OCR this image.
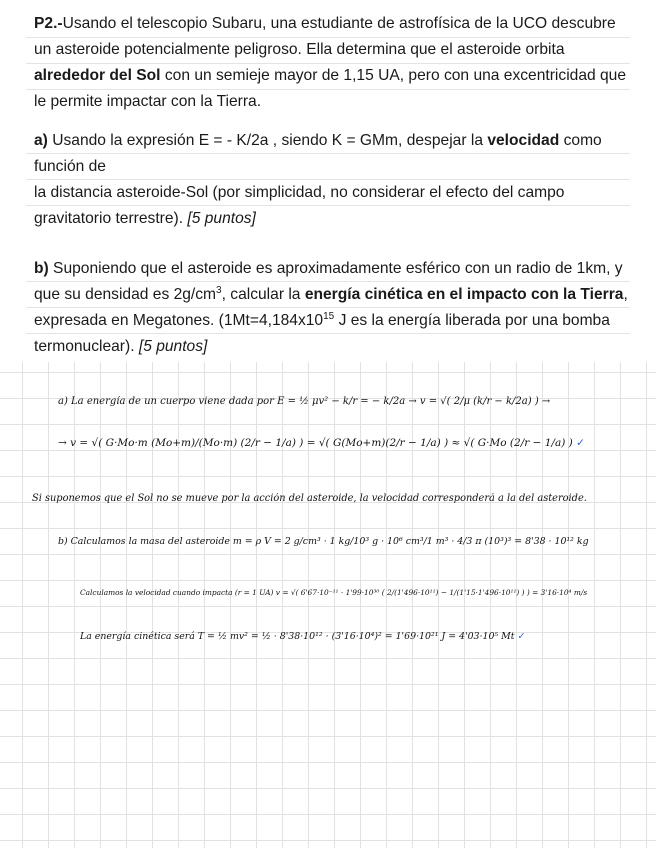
P2.-Usando el telescopio Subaru, una estudiante de astrofísica de la UCO descubre un asteroide potencialmente peligroso. Ella determina que el asteroide orbita alrededor del Sol con un semieje mayor de 1,15 UA, pero con una excentricidad que le permite impactar con la Tierra.

a) Usando la expresión E = - K/2a , siendo K = GMm, despejar la velocidad como función de
la distancia asteroide-Sol (por simplicidad, no considerar el efecto del campo gravitatorio terrestre). [5 puntos]

b) Suponiendo que el asteroide es aproximadamente esférico con un radio de 1km, y que su densidad es $2g/cm^3$, calcular la energía cinética en el impacto con la Tierra, expresada en Megatones. ($1Mt=4,184x10^{15}$ J es la energía liberada por una bomba termonuclear). [5 puntos]

a) La energía de un cuerpo viene dada por E = ½ μv² − k/r = − k/2a → v = √( 2/μ (k/r − k/2a) ) →
→ v = √( G·Mo·m (Mo+m)/(Mo·m) (2/r − 1/a) ) = √( G(Mo+m)(2/r − 1/a) ) ≈ √( G·Mo (2/r − 1/a) ) ✓
Si suponemos que el Sol no se mueve por la acción del asteroide, la velocidad corresponderá a la del asteroide.
b) Calculamos la masa del asteroide m = ρ V = 2 g/cm³ · 1 kg/10³ g · 10⁶ cm³/1 m³ · 4/3 π (10³)³ = 8'38 · 10¹² kg
Calculamos la velocidad cuando impacta (r = 1 UA) v = √( 6'67·10⁻¹¹ · 1'99·10³⁰ ( 2/(1'496·10¹¹) − 1/(1'15·1'496·10¹¹) ) ) = 3'16·10⁴ m/s
La energía cinética será T = ½ mv² = ½ · 8'38·10¹² · (3'16·10⁴)² = 1'69·10²¹ J = 4'03·10⁵ Mt ✓
